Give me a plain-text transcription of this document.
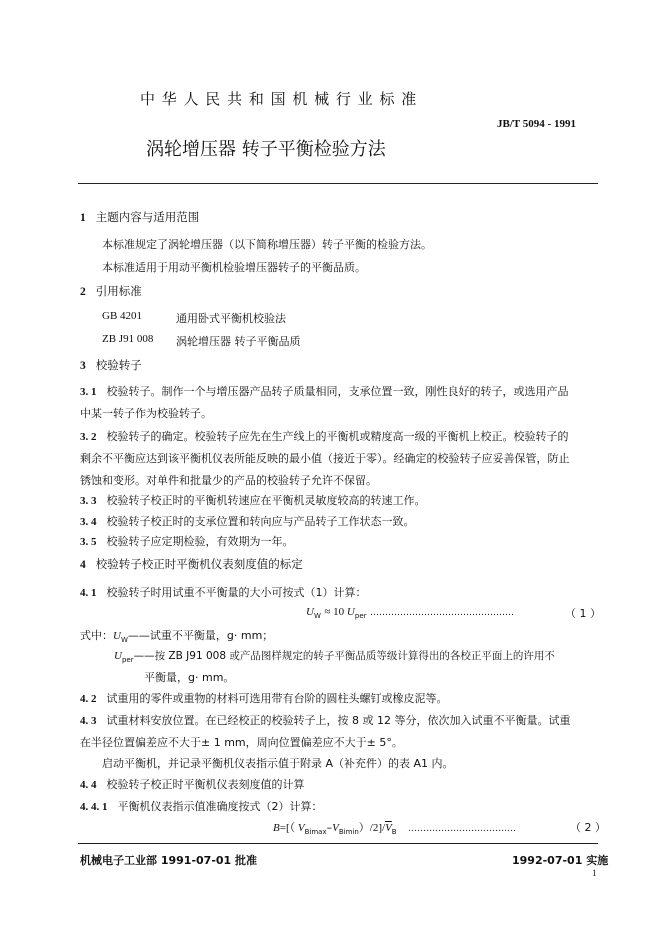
中 华 人 民 共 和 国 机 械 行 业 标 准
JB/T 5094 - 1991
涡轮增压器 转子平衡检验方法
1 主题内容与适用范围
本标准规定了涡轮增压器（以下简称增压器）转子平衡的检验方法。
本标准适用于用动平衡机检验增压器转子的平衡品质。
2 引用标准
GB 4201	通用卧式平衡机校验法
ZB J91 008 涡轮增压器 转子平衡品质
3 校验转子
3. 1 校验转子。制作一个与增压器产品转子质量相同，支承位置一致，刚性良好的转子，或选用产品
中某一转子作为校验转子。
3. 2 校验转子的确定。校验转子应先在生产线上的平衡机或精度高一级的平衡机上校正。校验转子的
剩余不平衡应达到该平衡机仪表所能反映的最小值（接近于零）。经确定的校验转子应妥善保管，防止
锈蚀和变形。对单件和批量少的产品的校验转子允许不保留。
3. 3 校验转子校正时的平衡机转速应在平衡机灵敏度较高的转速工作。
3. 4 校验转子校正时的支承位置和转向应与产品转子工作状态一致。
3. 5 校验转子应定期检验，有效期为一年。
4 校验转子校正时平衡机仪表刻度值的标定
4. 1 校验转子时用试重不平衡量的大小可按式（1）计算：
$U_W \approx 10$ $U_{per}$ …………………………………………	（ 1 ）
式中：$U_W——$试重不平衡量，g· mm；
$U_{per}——$按 ZB J91 008 或产品图样规定的转子平衡品质等级计算得出的各校正平面上的许用不
平衡量，g· mm。
4. 2 试重用的零件或重物的材料可选用带有台阶的圆柱头螺钉或橡皮泥等。
4. 3 试重材料安放位置。在已经校正的校验转子上，按 8 或 12 等分，依次加入试重不平衡量。试重
在半径位置偏差应不大于± 1 mm，周向位置偏差应不大于± 5°。
启动平衡机，并记录平衡机仪表指示值于附录 A（补充件）的表 A1 内。
4. 4 校验转子校正时平衡机仪表刻度值的计算
4. 4. 1 平衡机仪表指示值准确度按式（2）计算：
B=[（ $V_{Bimax}-V_{Bimin})/2]/\overline{V}_B$ ………………………………	（ 2 ）
机械电子工业部 1991-07-01 批准	1992-07-01 实施
1
